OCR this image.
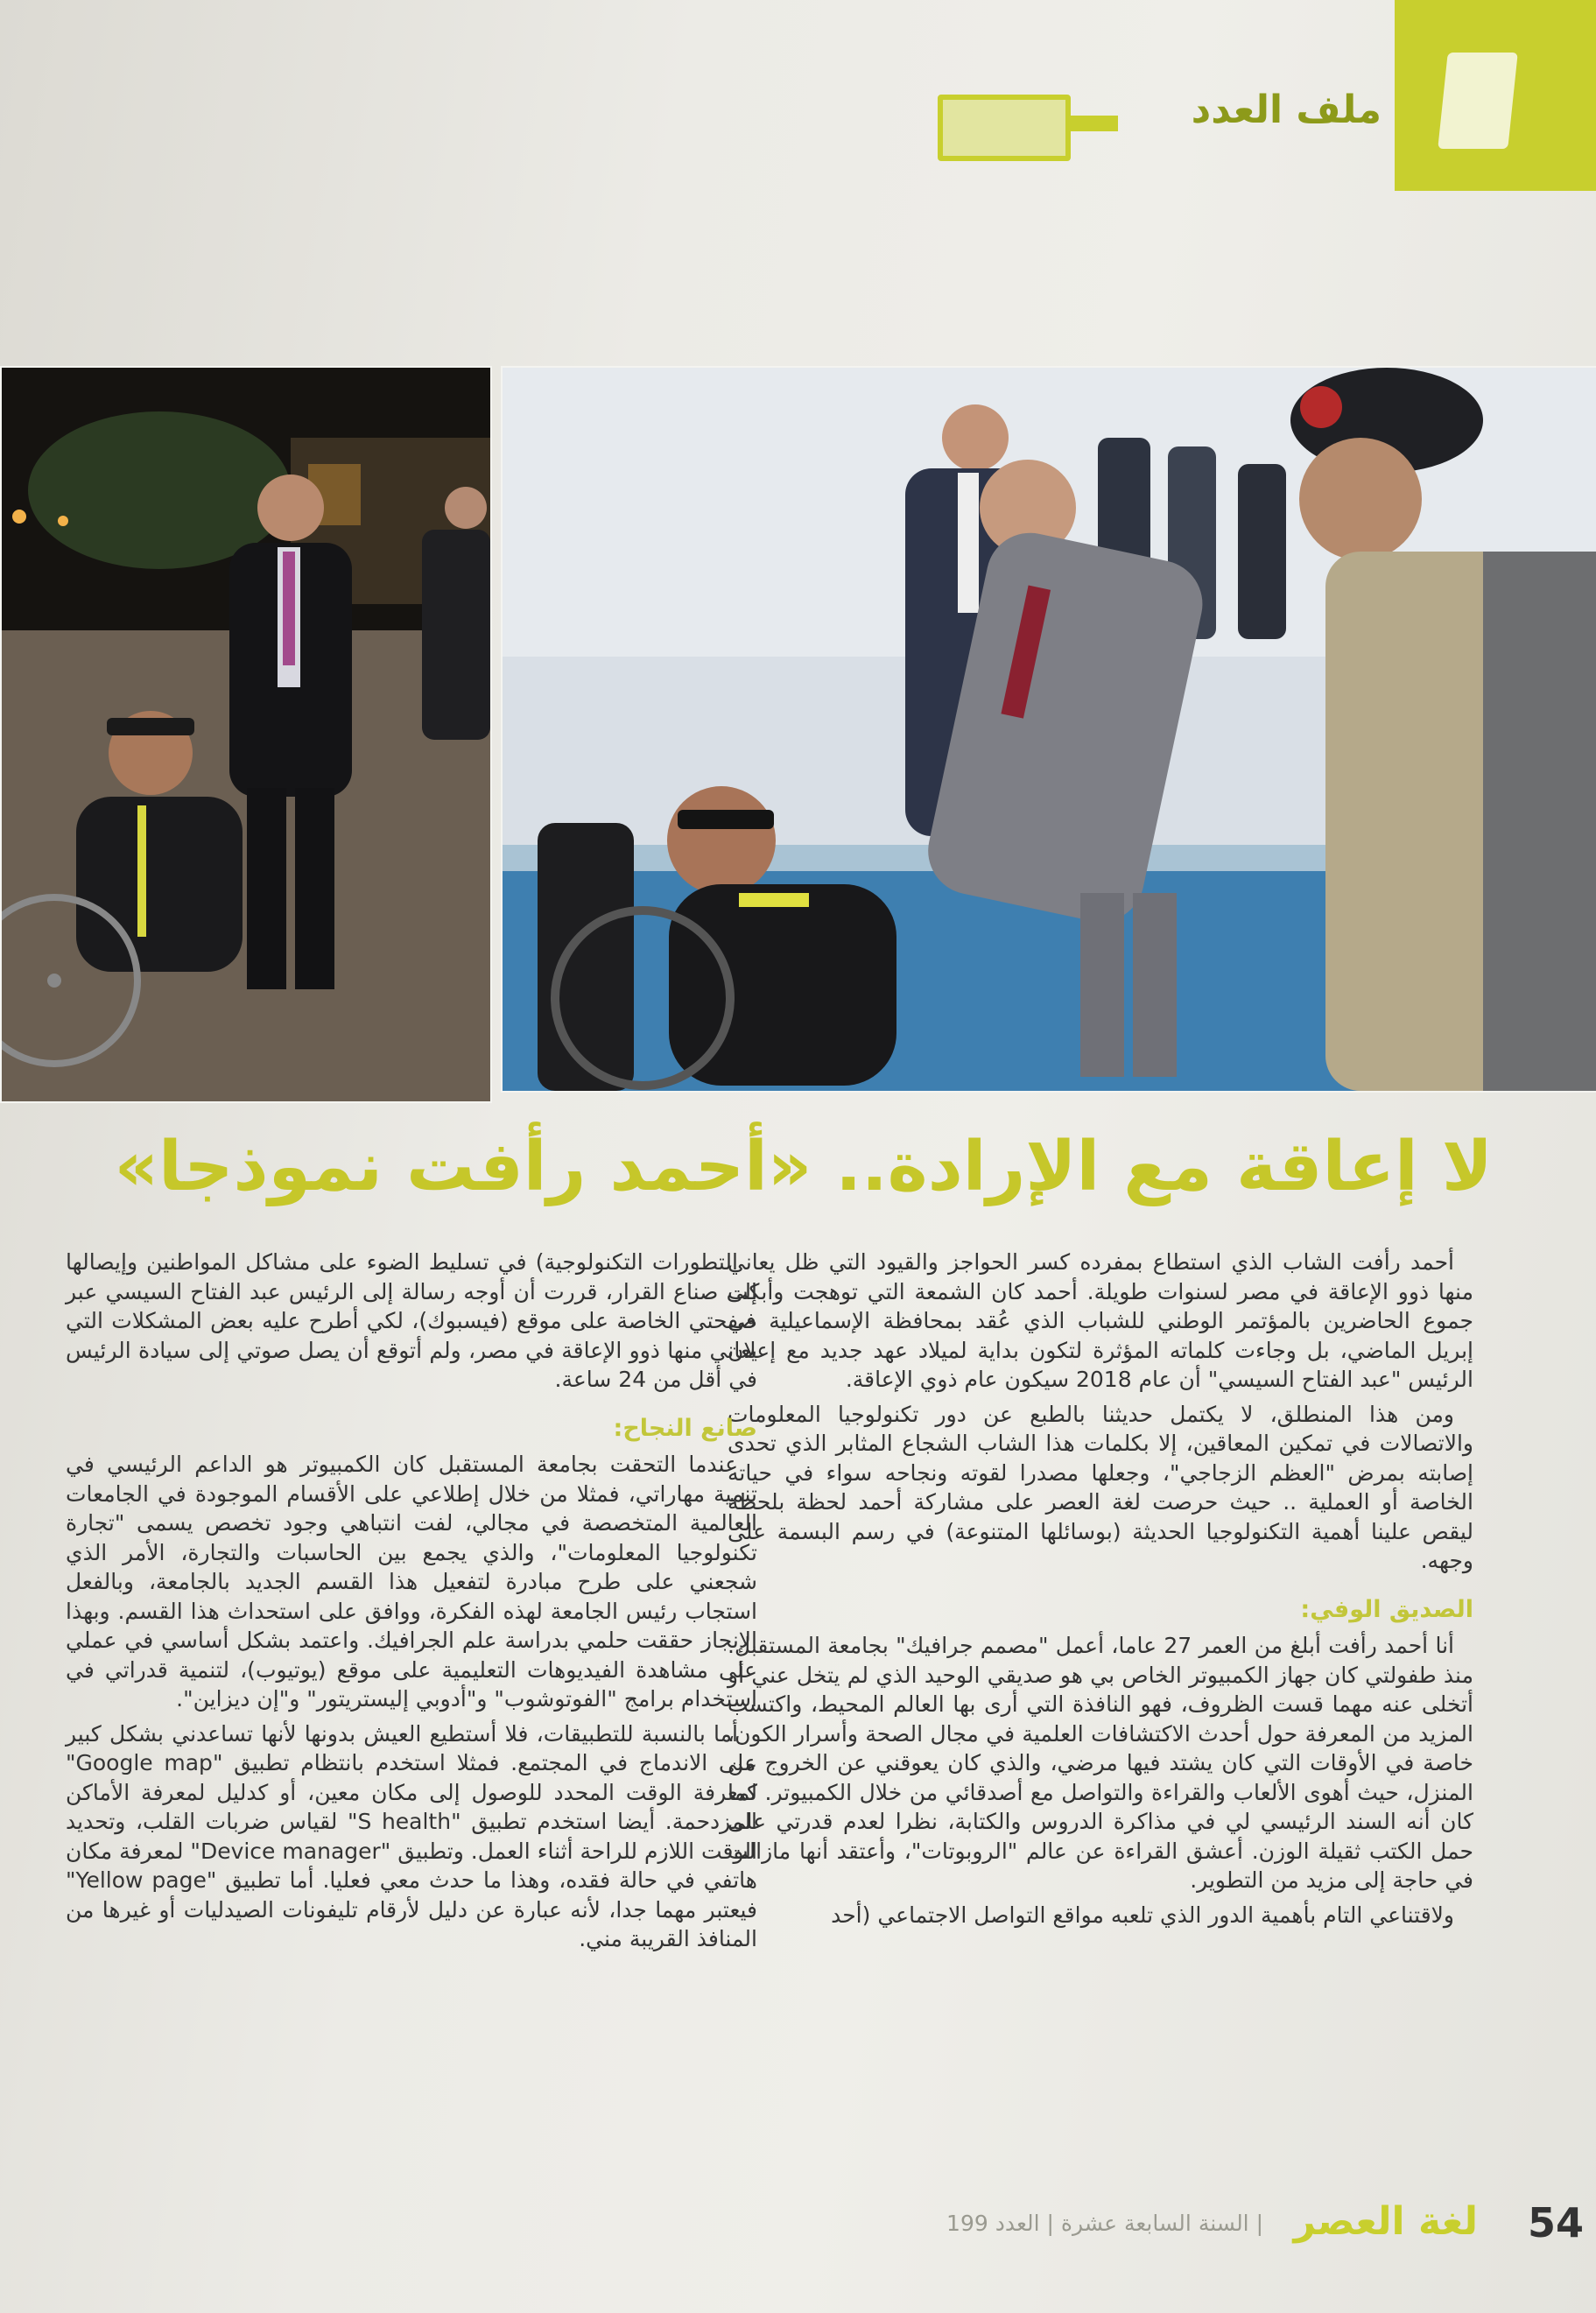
ملف العدد
لا إعاقة مع الإرادة.. «أحمد رأفت نموذجا»

أحمد رأفت الشاب الذي استطاع بمفرده كسر الحواجز والقيود التي ظل يعاني منها ذوو الإعاقة في مصر لسنوات طويلة. أحمد كان الشمعة التي توهجت وأبكت جموع الحاضرين بالمؤتمر الوطني للشباب الذي عُقد بمحافظة الإسماعيلية في إبريل الماضي، بل وجاءت كلماته المؤثرة لتكون بداية لميلاد عهد جديد مع إعلان الرئيس "عبد الفتاح السيسي" أن عام 2018 سيكون عام ذوي الإعاقة.

ومن هذا المنطلق، لا يكتمل حديثنا بالطبع عن دور تكنولوجيا المعلومات والاتصالات في تمكين المعاقين، إلا بكلمات هذا الشاب الشجاع المثابر الذي تحدى إصابته بمرض "العظم الزجاجي"، وجعلها مصدرا لقوته ونجاحه سواء في حياته الخاصة أو العملية .. حيث حرصت لغة العصر على مشاركة أحمد لحظة بلحظة ليقص علينا أهمية التكنولوجيا الحديثة (بوسائلها المتنوعة) في رسم البسمة على وجهه.

الصديق الوفي:

أنا أحمد رأفت أبلغ من العمر 27 عاما، أعمل "مصمم جرافيك" بجامعة المستقبل. منذ طفولتي كان جهاز الكمبيوتر الخاص بي هو صديقي الوحيد الذي لم يتخل عني أو أتخلى عنه مهما قست الظروف، فهو النافذة التي أرى بها العالم المحيط، واكتسب المزيد من المعرفة حول أحدث الاكتشافات العلمية في مجال الصحة وأسرار الكون، خاصة في الأوقات التي كان يشتد فيها مرضي، والذي كان يعوقني عن الخروج من المنزل، حيث أهوى الألعاب والقراءة والتواصل مع أصدقائي من خلال الكمبيوتر. كما كان أنه السند الرئيسي لي في مذاكرة الدروس والكتابة، نظرا لعدم قدرتي على حمل الكتب ثقيلة الوزن. أعشق القراءة عن عالم "الروبوتات"، وأعتقد أنها مازالت في حاجة إلى مزيد من التطوير.

ولاقتناعي التام بأهمية الدور الذي تلعبه مواقع التواصل الاجتماعي (أحد

التطورات التكنولوجية) في تسليط الضوء على مشاكل المواطنين وإيصالها إلى صناع القرار، قررت أن أوجه رسالة إلى الرئيس عبد الفتاح السيسي عبر صفحتي الخاصة على موقع (فيسبوك)، لكي أطرح عليه بعض المشكلات التي يعاني منها ذوو الإعاقة في مصر، ولم أتوقع أن يصل صوتي إلى سيادة الرئيس في أقل من 24 ساعة.

صانع النجاح:

عندما التحقت بجامعة المستقبل كان الكمبيوتر هو الداعم الرئيسي في تنمية مهاراتي، فمثلا من خلال إطلاعي على الأقسام الموجودة في الجامعات العالمية المتخصصة في مجالي، لفت انتباهي وجود تخصص يسمى "تجارة تكنولوجيا المعلومات"، والذي يجمع بين الحاسبات والتجارة، الأمر الذي شجعني على طرح مبادرة لتفعيل هذا القسم الجديد بالجامعة، وبالفعل استجاب رئيس الجامعة لهذه الفكرة، ووافق على استحداث هذا القسم. وبهذا الإنجاز حققت حلمي بدراسة علم الجرافيك. واعتمد بشكل أساسي في عملي على مشاهدة الفيديوهات التعليمية على موقع (يوتيوب)، لتنمية قدراتي في استخدام برامج "الفوتوشوب" و"أدوبي إليستريتور" و"إن ديزاين".

أما بالنسبة للتطبيقات، فلا أستطيع العيش بدونها لأنها تساعدني بشكل كبير على الاندماج في المجتمع. فمثلا استخدم بانتظام تطبيق "Google map" لمعرفة الوقت المحدد للوصول إلى مكان معين، أو كدليل لمعرفة الأماكن المزدحمة. أيضا استخدم تطبيق "S health" لقياس ضربات القلب، وتحديد الوقت اللازم للراحة أثناء العمل. وتطبيق "Device manager" لمعرفة مكان هاتفي في حالة فقده، وهذا ما حدث معي فعليا. أما تطبيق "Yellow page" فيعتبر مهما جدا، لأنه عبارة عن دليل لأرقام تليفونات الصيدليات أو غيرها من المنافذ القريبة مني.

54
لغة العصر
| السنة السابعة عشرة | العدد 199
